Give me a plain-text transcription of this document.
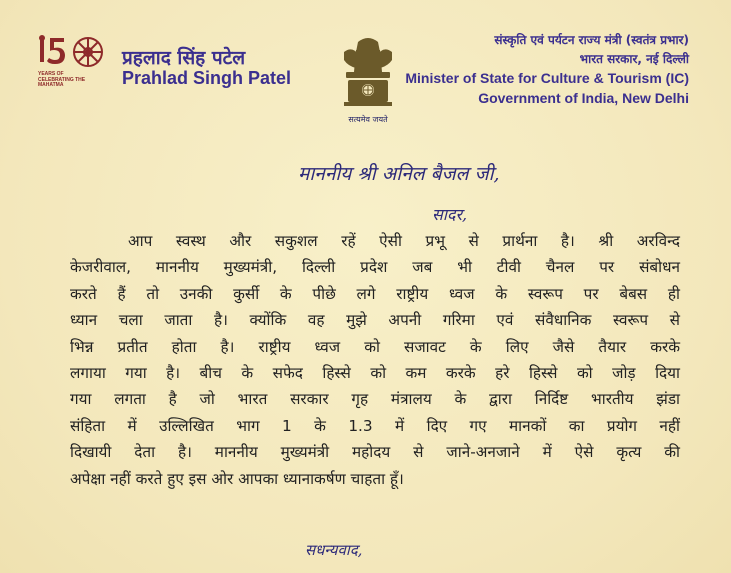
YEARS OF CELEBRATING THE MAHATMA
प्रहलाद सिंह पटेल
Prahlad Singh Patel
सत्यमेव जयते
संस्कृति एवं पर्यटन राज्य मंत्री (स्वतंत्र प्रभार)
भारत सरकार, नई दिल्ली
Minister of State for Culture & Tourism (IC)
Government of India, New Delhi
माननीय श्री अनिल बैजल जी,
सादर,
आप स्वस्थ और सकुशल रहें ऐसी प्रभू से प्रार्थना है। श्री अरविन्द
केजरीवाल, माननीय मुख्यमंत्री, दिल्ली प्रदेश जब भी टीवी चैनल पर संबोधन
करते हैं तो उनकी कुर्सी के पीछे लगे राष्ट्रीय ध्वज के स्वरूप पर बेबस ही
ध्यान चला जाता है। क्योंकि वह मुझे अपनी गरिमा एवं संवैधानिक स्वरूप से
भिन्न प्रतीत होता है। राष्ट्रीय ध्वज को सजावट के लिए जैसे तैयार करके
लगाया गया है। बीच के सफेद हिस्से को कम करके हरे हिस्से को जोड़ दिया
गया लगता है जो भारत सरकार गृह मंत्रालय के द्वारा निर्दिष्ट भारतीय झंडा
संहिता में उल्लिखित भाग 1 के 1.3 में दिए गए मानकों का प्रयोग नहीं
दिखायी देता है। माननीय मुख्यमंत्री महोदय से जाने-अनजाने में ऐसे कृत्य की
अपेक्षा नहीं करते हुए इस ओर आपका ध्यानाकर्षण चाहता हूँ।
सधन्यवाद,
